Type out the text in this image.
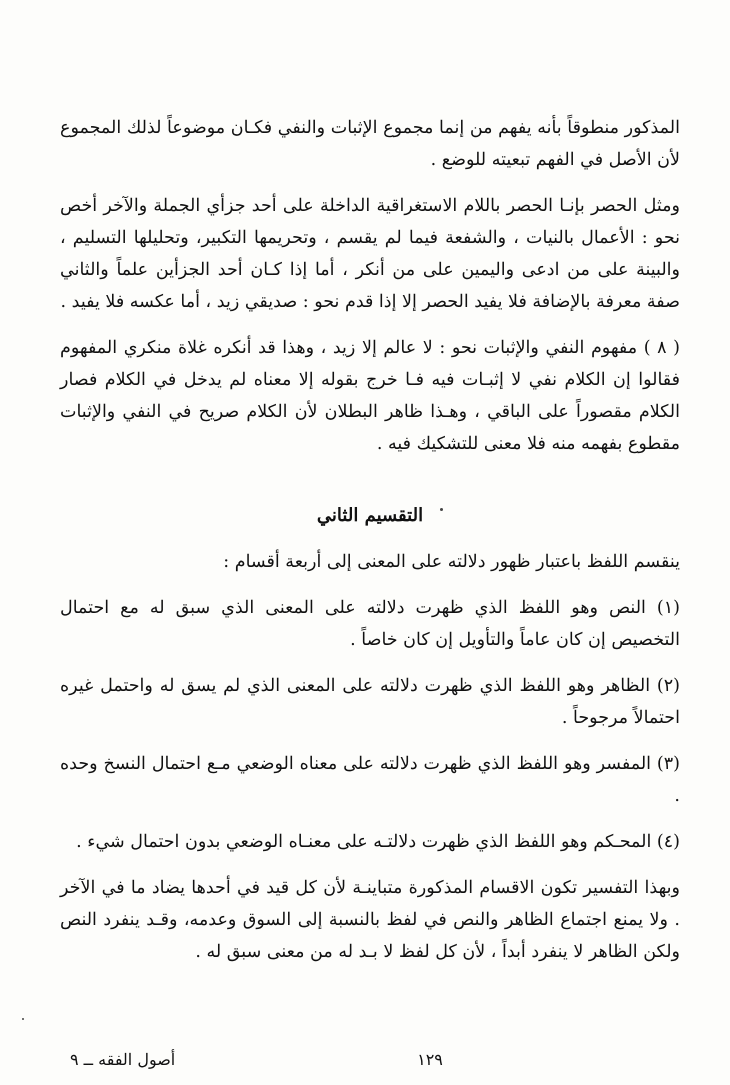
المذكور منطوقاً بأنه يفهم من إنما مجموع الإثبات والنفي فكـان موضوعاً لذلك المجموع لأن الأصل في الفهم تبعيته للوضع .

ومثل الحصر بإنـا الحصر باللام الاستغراقية الداخلة على أحد جزأي الجملة والآخر أخص نحو : الأعمال بالنيات ، والشفعة فيما لم يقسم ، وتحريمها التكبير، وتحليلها التسليم ، والبينة على من ادعى واليمين على من أنكر ، أما إذا كـان أحد الجزأين علماً والثاني صفة معرفة بالإضافة فلا يفيد الحصر إلا إذا قدم نحو : صديقي زيد ، أما عكسه فلا يفيد .

( ٨ ) مفهوم النفي والإثبات نحو : لا عالم إلا زيد ، وهذا قد أنكره غلاة منكري المفهوم فقالوا إن الكلام نفي لا إثبـات فيه فـا خرج بقوله إلا معناه لم يدخل في الكلام فصار الكلام مقصوراً على الباقي ، وهـذا ظاهر البطلان لأن الكلام صريح في النفي والإثبات مقطوع بفهمه منه فلا معنى للتشكيك فيه .

التقسيم الثاني

ينقسم اللفظ باعتبار ظهور دلالته على المعنى إلى أربعة أقسام :

(١) النص وهو اللفظ الذي ظهرت دلالته على المعنى الذي سبق له مع احتمال التخصيص إن كان عاماً والتأويل إن كان خاصاً .

(٢) الظاهر وهو اللفظ الذي ظهرت دلالته على المعنى الذي لم يسق له واحتمل غيره احتمالاً مرجوحاً .

(٣) المفسر وهو اللفظ الذي ظهرت دلالته على معناه الوضعي مـع احتمال النسخ وحده .

(٤) المحـكم وهو اللفظ الذي ظهرت دلالتـه على معنـاه الوضعي بدون احتمال شيء .

وبهذا التفسير تكون الاقسام المذكورة متباينـة لأن كل قيد في أحدها يضاد ما في الآخر . ولا يمنع اجتماع الظاهر والنص في لفظ بالنسبة إلى السوق وعدمه، وقـد ينفرد النص ولكن الظاهر لا ينفرد أبداً ، لأن كل لفظ لا بـد له من معنى سبق له .

١٢٩
أصول الفقه ــ ٩
